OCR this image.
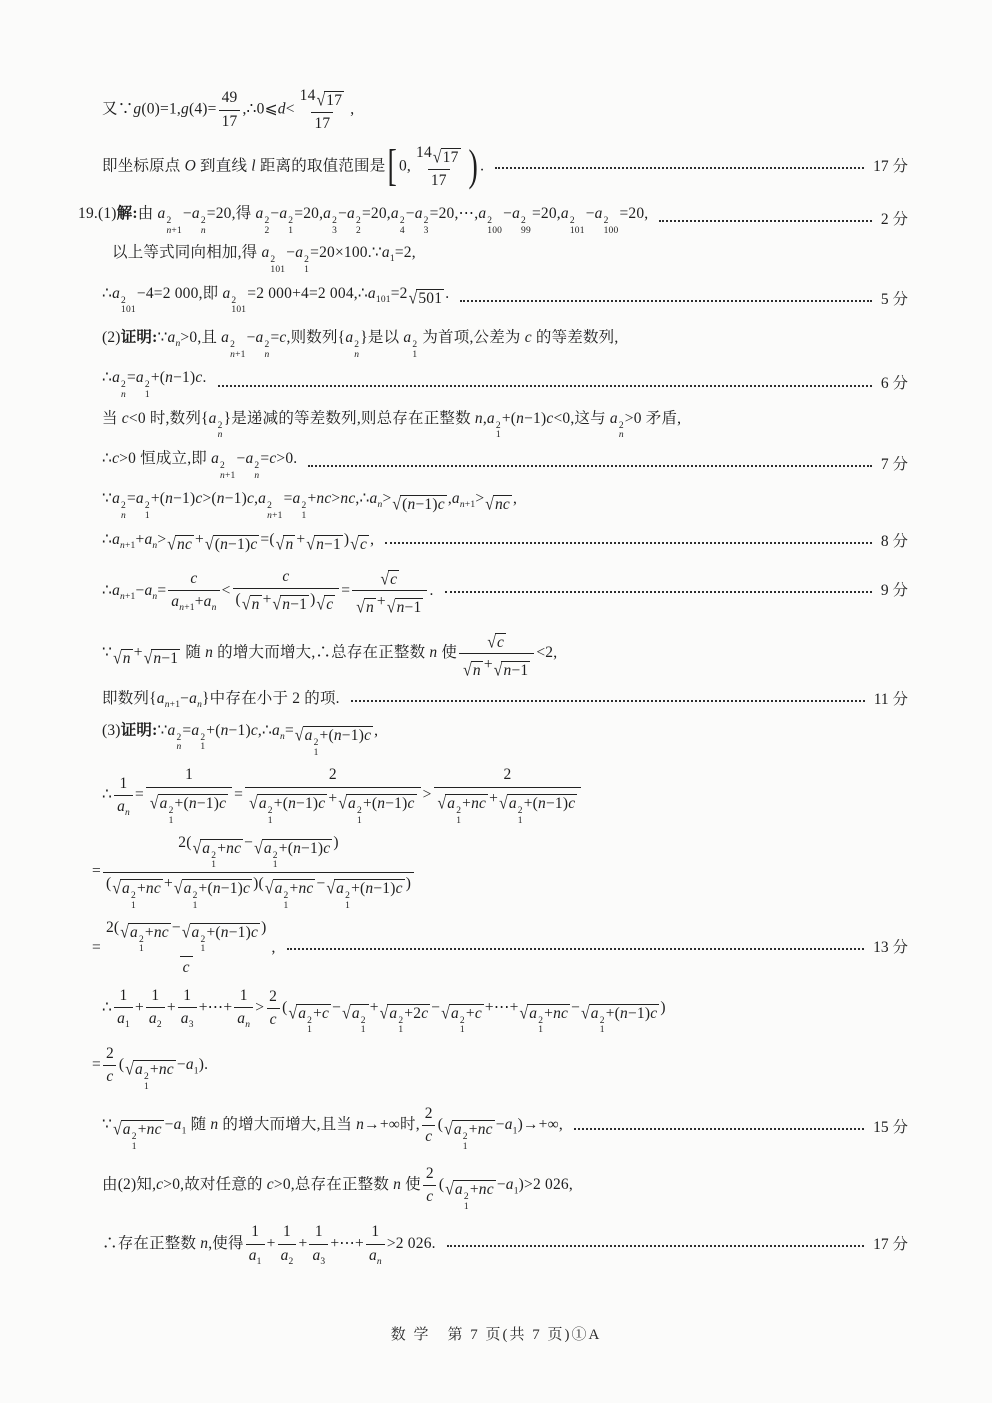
又∵g(0)=1,g(4)= $\frac{49}{17}$ ,∴0⩽d< $\frac{14 √ 17}{17}$ ,
即坐标原点 O 到直线 l 距离的取值范围是[ 0, $\frac{14 √ 17}{17}$ ) .	17 分
19.(1)解:由 a 2
n+1
−a 2
n
=20,得 a 2
2
−a 2
1
=20,a 2
3
−a 2
2
=20,a 2
4
−a 2
3
=20,⋯,a 2
100
−a 2
99
=20,a 2
101
−a 2
100
=20,	2 分
以上等式同向相加,得 a 2
101
−a 2
1
$=20\times 100.\because a_1=2$,
∴a 2
101
−4=2 000,即 a 2
101
=2 000+4=2 $004,\therefore a_{101}=2$ √ 501 .	5 分
(2)证明$:\because a_n>0$,且 a 2
n+1
−a 2
n
=c,则数列{a 2
n
}是以 a 2
1
为首项,公差为 c 的等差数列,
∴a 2
n
=a 2
1
+(n−1)c.	6 分
当 c<0 时,数列{a 2
n
}是递减的等差数列,则总存在正整数 n,a 2
1
+(n−1)c<0,这与 a 2
n
>0 矛盾,
∴c>0 恒成立,即 a 2
n+1
−a 2
n
=c>0.	7 分
∵a 2
n
=a 2
1
+(n−1)c>(n−1)c,a 2
n+1
=a 2
1
$+nc>nc,\therefore a_n>$ √ (n−1)c $,a_{n+1}>$ √ nc ,
$\therefore a_{n+1}+a_n>$ √ nc + √ (n−1)c =( √ n + √ n−1 ) √ c ,	8 分
$\therefore a_{n+1}-a_n= \frac{c}{a_{n+1}+a_n} < \frac{c}{( √ n + √ n-1 ) √ c}$ = √ c
√ n + √ n−1 .	9 分
∵ √ n + √ n−1 随 n 的增大而增大,∴总存在正整数 n 使 √ c
√ n + √ n−1 <2,
即数列$\{a_{n+1}-a_n\}$中存在小于 2 的项.	11 分
(3)证明:∵a 2
n
=a 2
1
$+(n-1)c,\therefore a_n=$ √ a 2
1
+(n−1)c ,
∴ $\frac{1}{a_n} = 1$
√ a 2
1
+(n−1)c = 2
√ a 2
1
+(n−1)c + √ a 2
1
+(n−1)c > 2
√ a 2
1
+nc + √ a 2
1
+(n−1)c
= 2( √ a 2
1
+nc − √ a 2
1
+(n−1)c )
( √ a 2
1
+nc + √ a 2
1
+(n−1)c )( √ a 2
1
+nc − √ a 2
1
+(n−1)c )
= 2( √ a 2
1
+nc − √ a 2
1
+(n−1)c )
c ,	13 分
∴ $\frac{1}{a_1} + \frac{1}{a_2} + \frac{1}{a_3}$ +⋯+ $\frac{1}{a_n} > \frac{2}{c}$ ( √ a 2
1
+c − √ a 2
1
+ √ a 2
1
+2c − √ a 2
1
+c +⋯+ √ a 2
1
+nc − √ a 2
1
+(n−1)c )
= $\frac{2}{c}$ ( √ a 2
1
$+nc -a_1$).
∵ √ a 2
1
$+nc -a_1$ 随 n 的增大而增大,且当 n→+∞时, $\frac{2}{c}$ ( √ a 2
1
$+nc -a_1)\to+\infty$,	15 分
由(2)知,c>0,故对任意的 c>0,总存在正整数 n 使 $\frac{2}{c}$ ( √ a 2
1
$+nc -a_1)>2$ 026,
∴存在正整数 n,使得 $\frac{1}{a_1} + \frac{1}{a_2} + \frac{1}{a_3}$ +⋯+ $\frac{1}{a_n} >2$ 026.	17 分
数 学　第 7 页(共 7 页)①A
